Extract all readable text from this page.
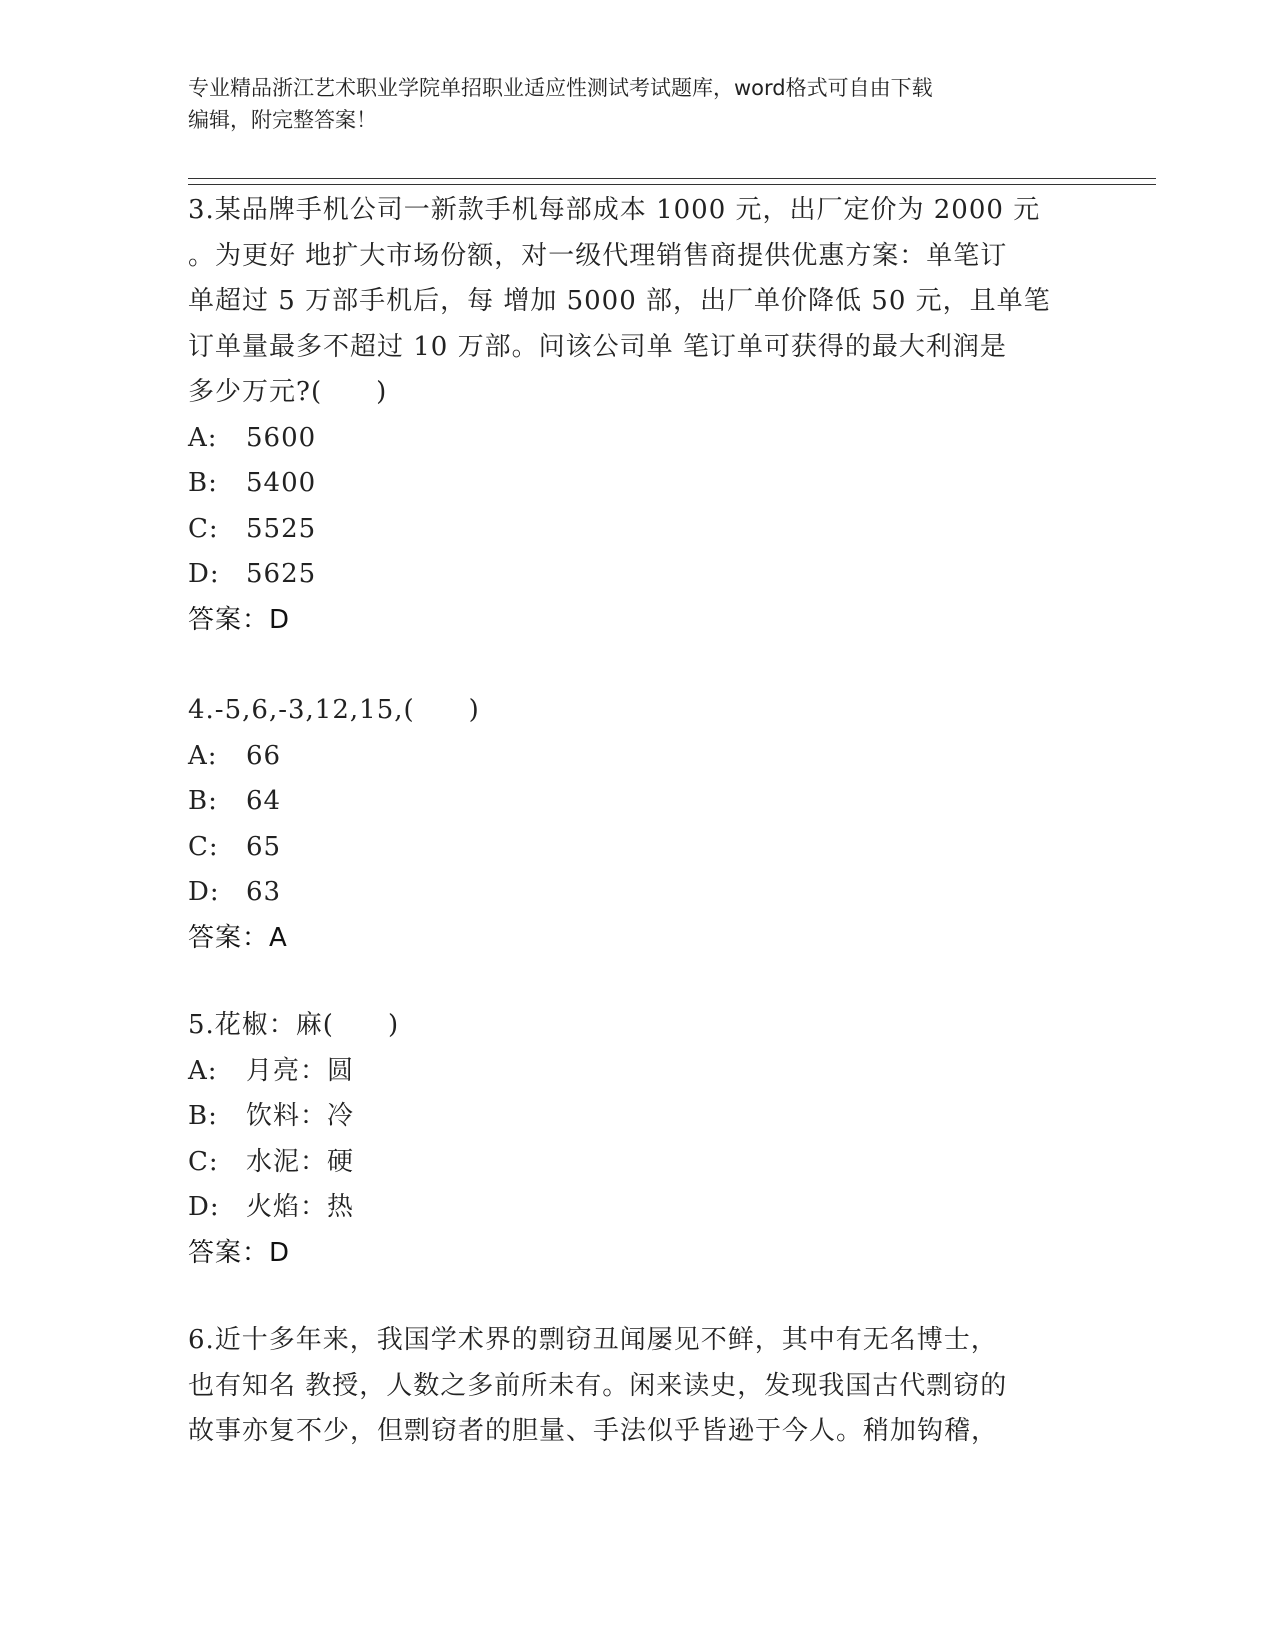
专业精品浙江艺术职业学院单招职业适应性测试考试题库，word格式可自由下载
编辑，附完整答案！
3.某品牌手机公司一新款手机每部成本 1000 元，出厂定价为 2000 元
。为更好 地扩大市场份额，对一级代理销售商提供优惠方案：单笔订
单超过 5 万部手机后，每 增加 5000 部，出厂单价降低 50 元，且单笔
订单量最多不超过 10 万部。问该公司单 笔订单可获得的最大利润是
多少万元?(　　)
A: 5600
B: 5400
C: 5525
D: 5625
答案：D
4.-5,6,-3,12,15,(　　)
A: 66
B: 64
C: 65
D: 63
答案：A
5.花椒：麻(　　)
A: 月亮：圆
B: 饮料：冷
C: 水泥：硬
D: 火焰：热
答案：D
6.近十多年来，我国学术界的剽窃丑闻屡见不鲜，其中有无名博士，
也有知名 教授，人数之多前所未有。闲来读史，发现我国古代剽窃的
故事亦复不少，但剽窃者的胆量、手法似乎皆逊于今人。稍加钩稽，
